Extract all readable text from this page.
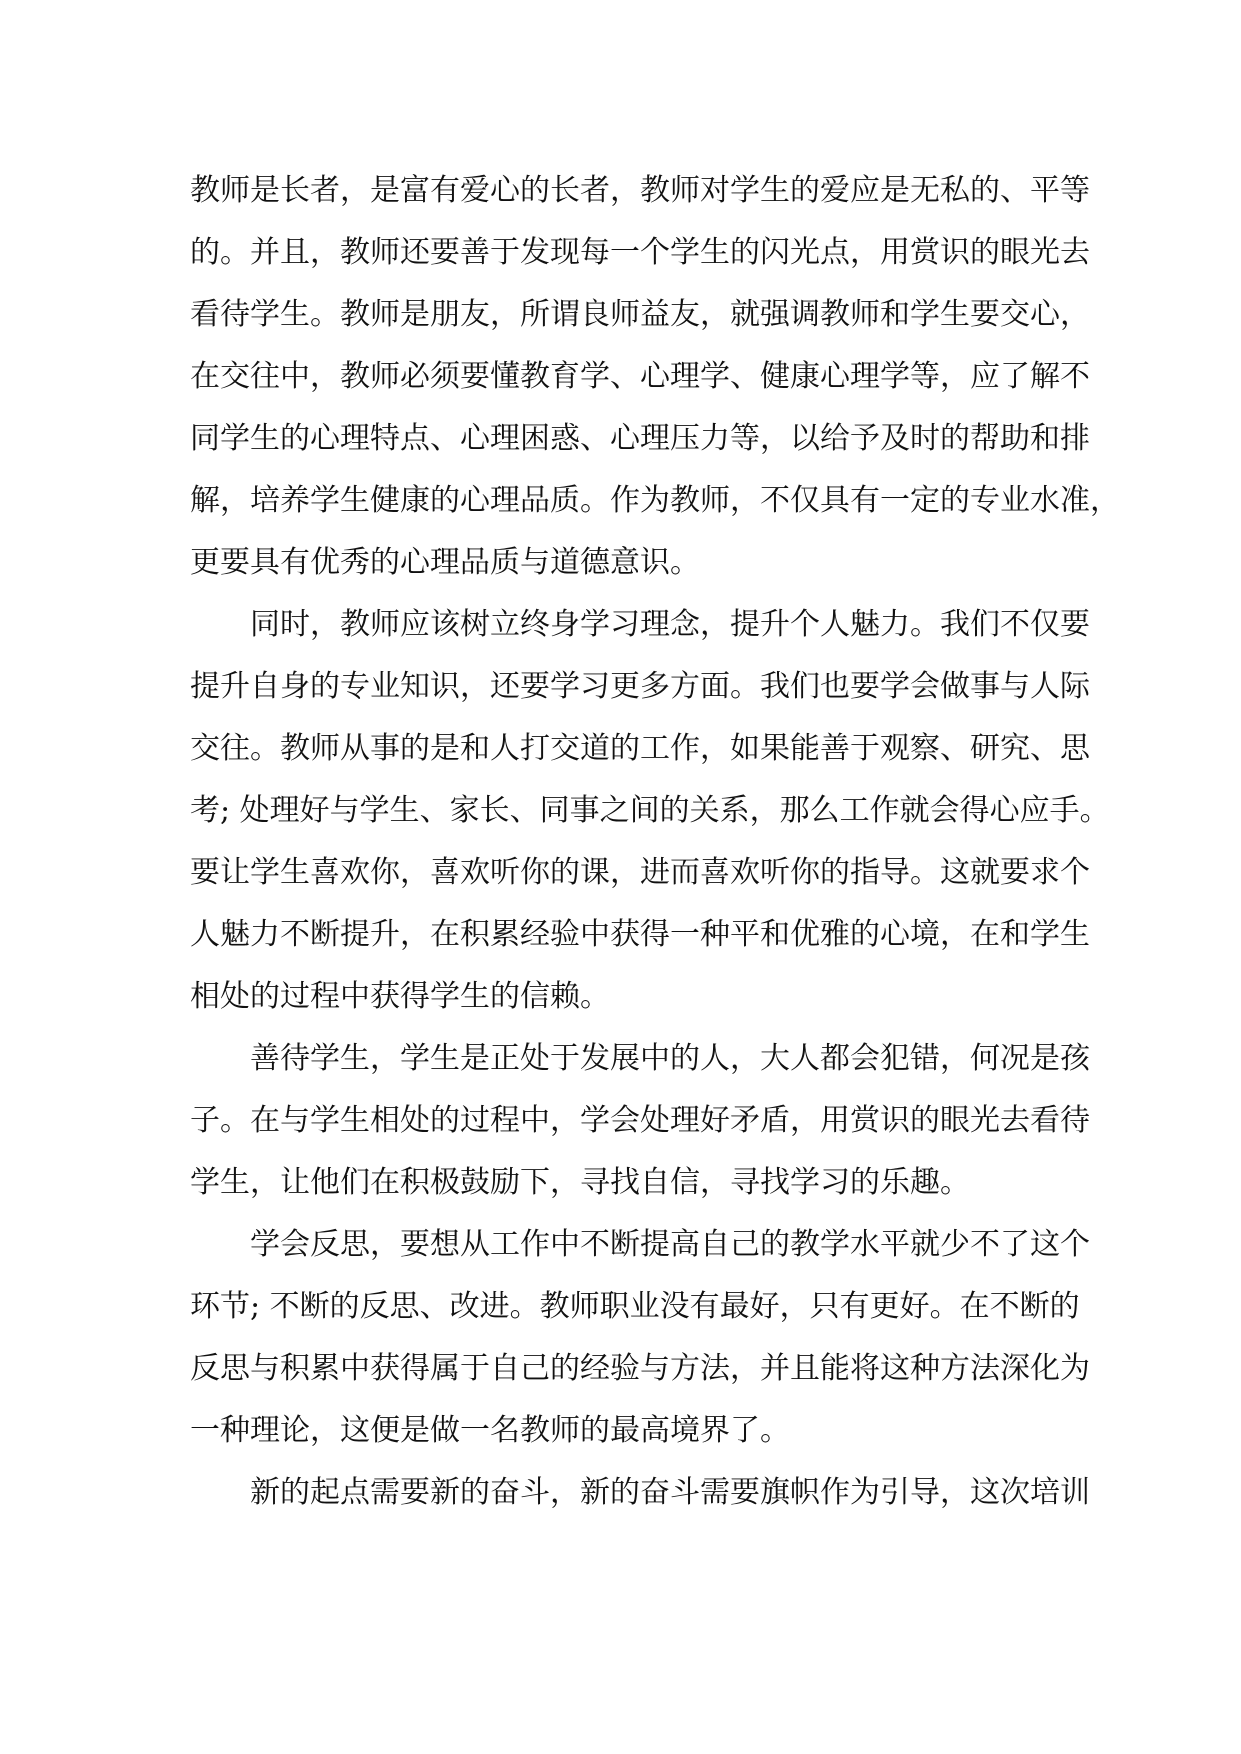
教师是长者，是富有爱心的长者，教师对学生的爱应是无私的、平等
的。并且，教师还要善于发现每一个学生的闪光点，用赏识的眼光去
看待学生。教师是朋友，所谓良师益友，就强调教师和学生要交心，
在交往中，教师必须要懂教育学、心理学、健康心理学等，应了解不
同学生的心理特点、心理困惑、心理压力等，以给予及时的帮助和排
解，培养学生健康的心理品质。作为教师，不仅具有一定的专业水准，
更要具有优秀的心理品质与道德意识。
同时，教师应该树立终身学习理念，提升个人魅力。我们不仅要
提升自身的专业知识，还要学习更多方面。我们也要学会做事与人际
交往。教师从事的是和人打交道的工作，如果能善于观察、研究、思
考; 处理好与学生、家长、同事之间的关系，那么工作就会得心应手。
要让学生喜欢你，喜欢听你的课，进而喜欢听你的指导。这就要求个
人魅力不断提升，在积累经验中获得一种平和优雅的心境，在和学生
相处的过程中获得学生的信赖。
善待学生，学生是正处于发展中的人，大人都会犯错，何况是孩
子。在与学生相处的过程中，学会处理好矛盾，用赏识的眼光去看待
学生，让他们在积极鼓励下，寻找自信，寻找学习的乐趣。
学会反思，要想从工作中不断提高自己的教学水平就少不了这个
环节; 不断的反思、改进。教师职业没有最好，只有更好。在不断的
反思与积累中获得属于自己的经验与方法，并且能将这种方法深化为
一种理论，这便是做一名教师的最高境界了。
新的起点需要新的奋斗，新的奋斗需要旗帜作为引导，这次培训
